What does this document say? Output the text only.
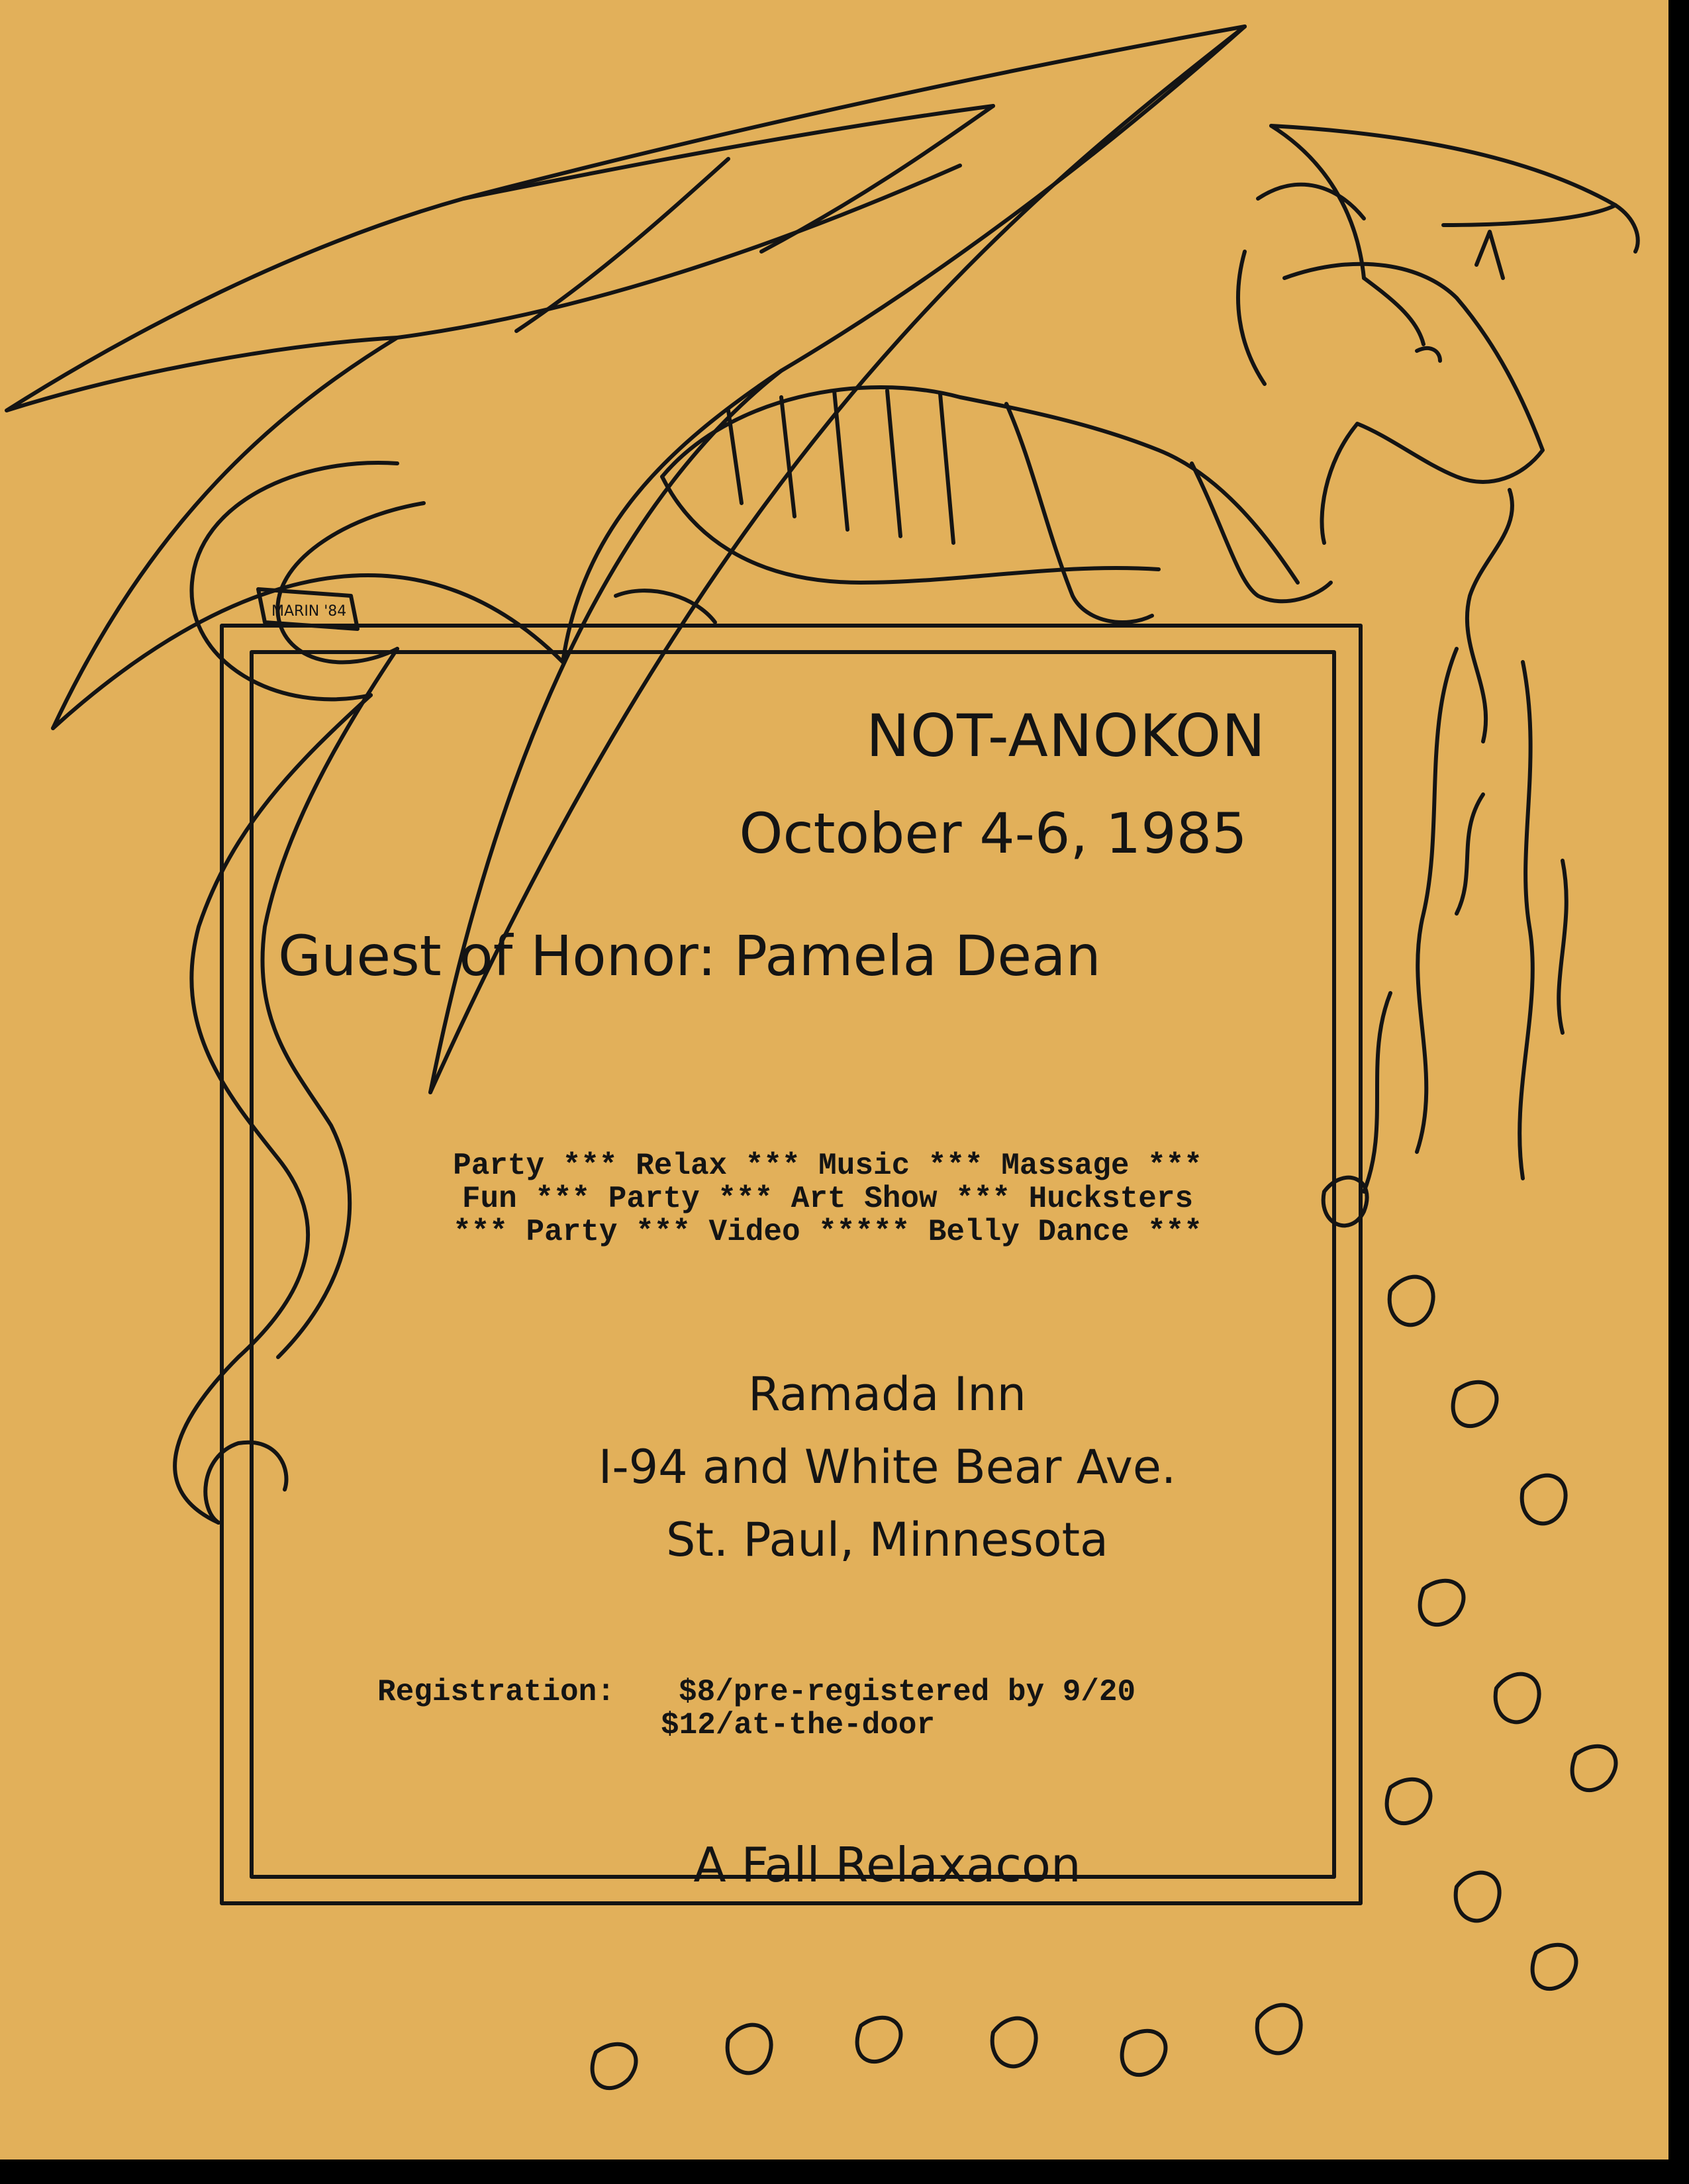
MARIN '84
NOT-ANOKON
October 4-6, 1985
Guest of Honor: Pamela Dean
Party *** Relax *** Music *** Massage ***
Fun *** Party *** Art Show *** Hucksters
*** Party *** Video ***** Belly Dance ***
Ramada Inn
I-94 and White Bear Ave.
St. Paul, Minnesota
Registration: $8/pre-registered by 9/20
$12/at-the-door
A Fall Relaxacon
